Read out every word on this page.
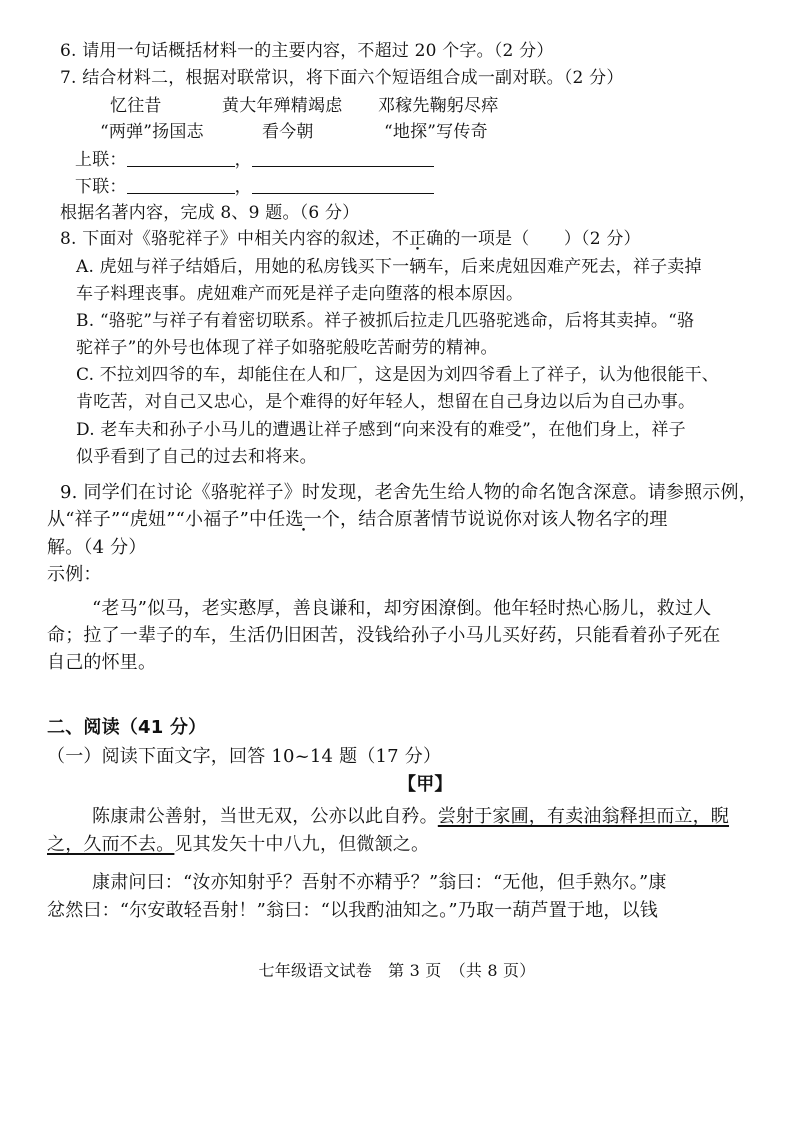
6. 请用一句话概括材料一的主要内容，不超过 20 个字。（2 分）
7. 结合材料二，根据对联常识，将下面六个短语组合成一副对联。（2 分）
忆往昔	黄大年殚精竭虑 邓稼先鞠躬尽瘁
“两弹”扬国志	看今朝	“地探”写传奇
上联：	，
下联：	，
根据名著内容，完成 8、9 题。（6 分）
8. 下面对《骆驼祥子》中相关内容的叙述，不正确的一项是（　　）（2 分）
A. 虎妞与祥子结婚后，用她的私房钱买下一辆车，后来虎妞因难产死去，祥子卖掉
车子料理丧事。虎妞难产而死是祥子走向堕落的根本原因。
B. “骆驼”与祥子有着密切联系。祥子被抓后拉走几匹骆驼逃命，后将其卖掉。“骆
驼祥子”的外号也体现了祥子如骆驼般吃苦耐劳的精神。
C. 不拉刘四爷的车，却能住在人和厂，这是因为刘四爷看上了祥子，认为他很能干、
肯吃苦，对自己又忠心，是个难得的好年轻人，想留在自己身边以后为自己办事。
D. 老车夫和孙子小马儿的遭遇让祥子感到“向来没有的难受”，在他们身上，祥子
似乎看到了自己的过去和将来。
9. 同学们在讨论《骆驼祥子》时发现，老舍先生给人物的命名饱含深意。请参照示例，
从“祥子”“虎妞”“小福子”中任选一个，结合原著情节说说你对该人物名字的理
解。（4 分）
示例：
“老马”似马，老实憨厚，善良谦和，却穷困潦倒。他年轻时热心肠儿，救过人
命；拉了一辈子的车，生活仍旧困苦，没钱给孙子小马儿买好药，只能看着孙子死在
自己的怀里。
二、阅读（41 分）
（一）阅读下面文字，回答 10~14 题（17 分）
【甲】
陈康肃公善射，当世无双，公亦以此自矜。尝射于家圃，有卖油翁释担而立，睨
之，久而不去。见其发矢十中八九，但微颔之。
康肃问曰：“汝亦知射乎？吾射不亦精乎？”翁曰：“无他，但手熟尔。”康
忿然曰：“尔安敢轻吾射！”翁曰：“以我酌油知之。”乃取一葫芦置于地，以钱
七年级语文试卷　第 3 页　（共 8 页）
